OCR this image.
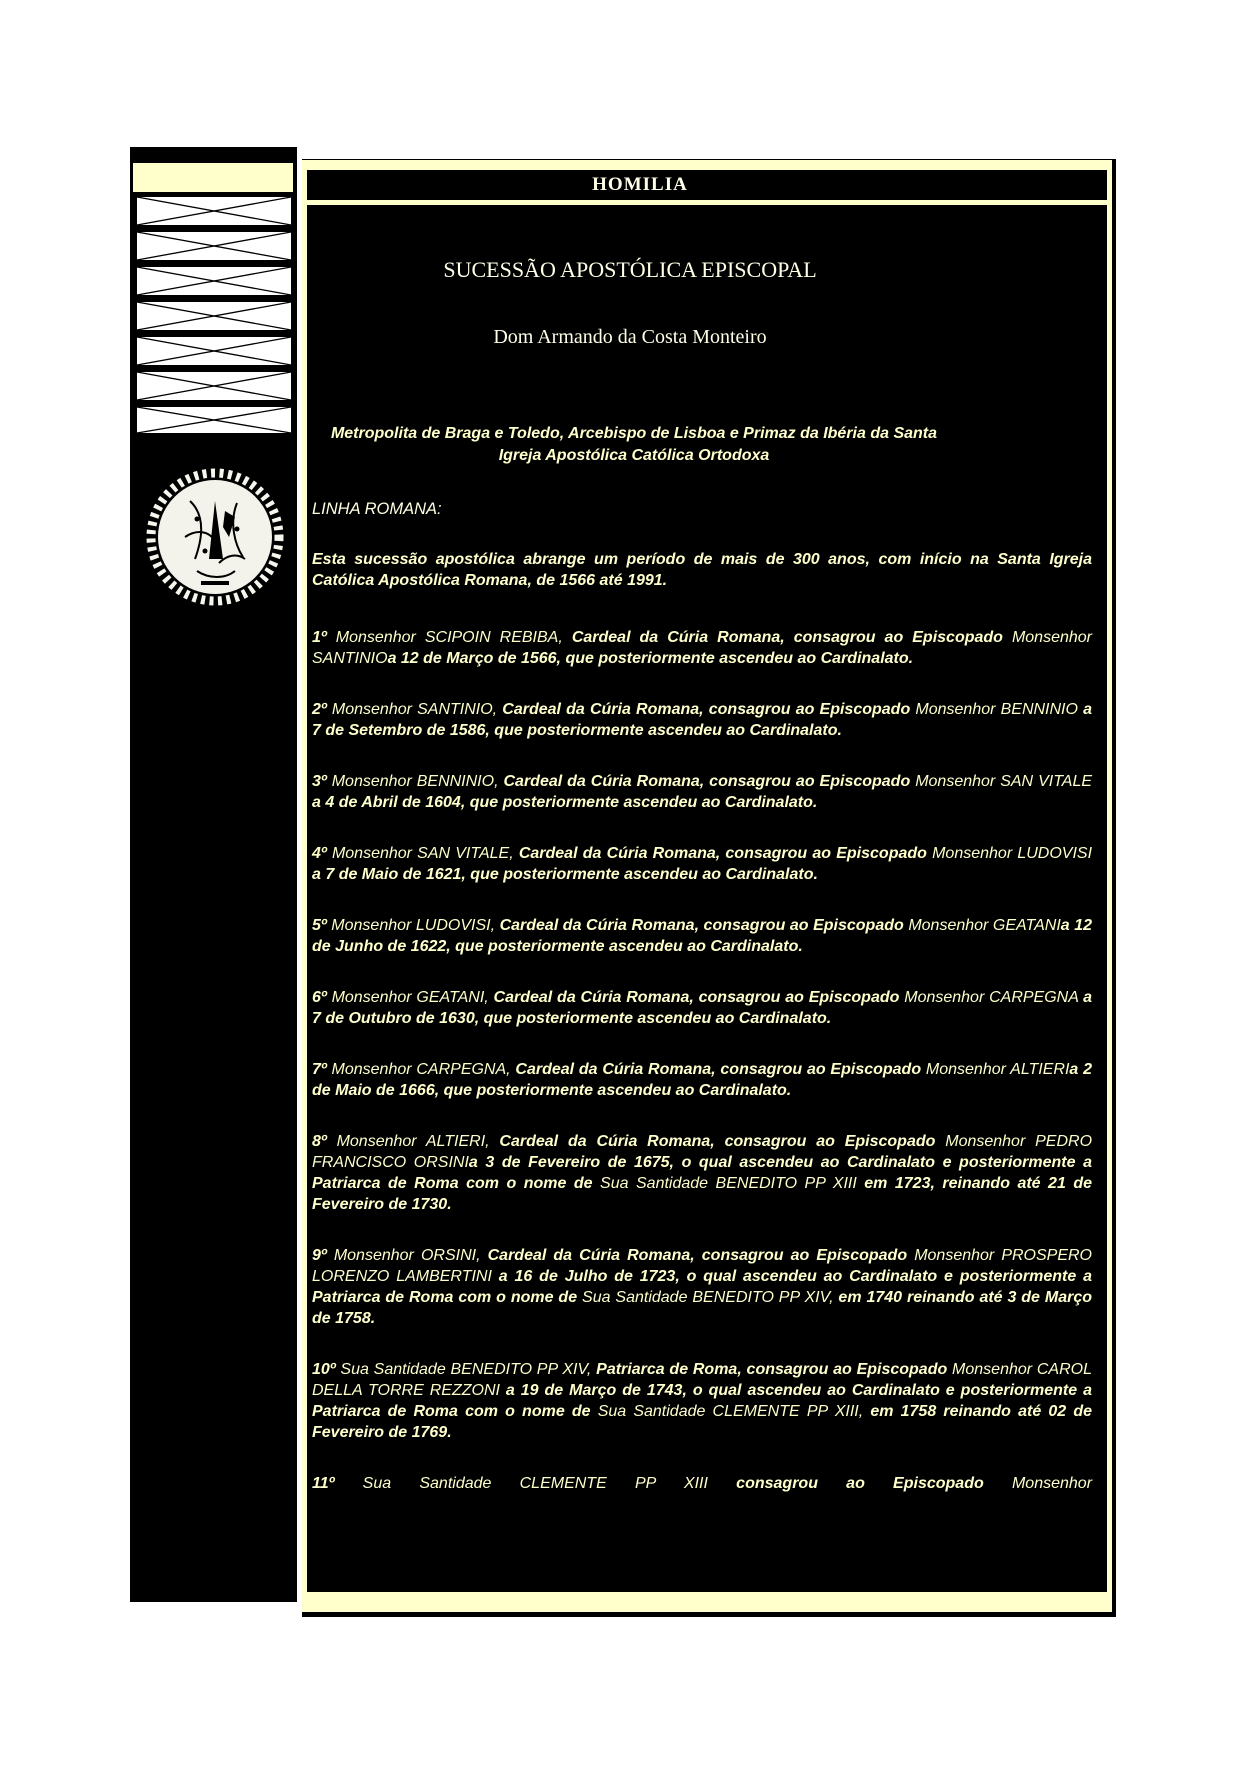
HOMILIA
SUCESSÃO APOSTÓLICA EPISCOPAL
Dom Armando da Costa Monteiro
Metropolita de Braga e Toledo, Arcebispo de Lisboa e Primaz da Ibéria da Santa Igreja Apostólica Católica Ortodoxa
LINHA ROMANA:

Esta sucessão apostólica abrange um período de mais de 300 anos, com início na Santa Igreja Católica Apostólica Romana, de 1566 até 1991.

1º Monsenhor SCIPOIN REBIBA, Cardeal da Cúria Romana, consagrou ao Episcopado Monsenhor SANTINIOa 12 de Março de 1566, que posteriormente ascendeu ao Cardinalato.

2º Monsenhor SANTINIO, Cardeal da Cúria Romana, consagrou ao Episcopado Monsenhor BENNINIO a 7 de Setembro de 1586, que posteriormente ascendeu ao Cardinalato.

3º Monsenhor BENNINIO, Cardeal da Cúria Romana, consagrou ao Episcopado Monsenhor SAN VITALE a 4 de Abril de 1604, que posteriormente ascendeu ao Cardinalato.

4º Monsenhor SAN VITALE, Cardeal da Cúria Romana, consagrou ao Episcopado Monsenhor LUDOVISI a 7 de Maio de 1621, que posteriormente ascendeu ao Cardinalato.

5º Monsenhor LUDOVISI, Cardeal da Cúria Romana, consagrou ao Episcopado Monsenhor GEATANIa 12 de Junho de 1622, que posteriormente ascendeu ao Cardinalato.

6º Monsenhor GEATANI, Cardeal da Cúria Romana, consagrou ao Episcopado Monsenhor CARPEGNA a 7 de Outubro de 1630, que posteriormente ascendeu ao Cardinalato.

7º Monsenhor CARPEGNA, Cardeal da Cúria Romana, consagrou ao Episcopado Monsenhor ALTIERIa 2 de Maio de 1666, que posteriormente ascendeu ao Cardinalato.

8º Monsenhor ALTIERI, Cardeal da Cúria Romana, consagrou ao Episcopado Monsenhor PEDRO FRANCISCO ORSINIa 3 de Fevereiro de 1675, o qual ascendeu ao Cardinalato e posteriormente a Patriarca de Roma com o nome de Sua Santidade BENEDITO PP XIII em 1723, reinando até 21 de Fevereiro de 1730.

9º Monsenhor ORSINI, Cardeal da Cúria Romana, consagrou ao Episcopado Monsenhor PROSPERO LORENZO LAMBERTINI a 16 de Julho de 1723, o qual ascendeu ao Cardinalato e posteriormente a Patriarca de Roma com o nome de Sua Santidade BENEDITO PP XIV, em 1740 reinando até 3 de Março de 1758.

10º Sua Santidade BENEDITO PP XIV, Patriarca de Roma, consagrou ao Episcopado Monsenhor CAROL DELLA TORRE REZZONI a 19 de Março de 1743, o qual ascendeu ao Cardinalato e posteriormente a Patriarca de Roma com o nome de Sua Santidade CLEMENTE PP XIII, em 1758 reinando até 02 de Fevereiro de 1769.

11º Sua Santidade CLEMENTE PP XIII consagrou ao Episcopado Monsenhor
